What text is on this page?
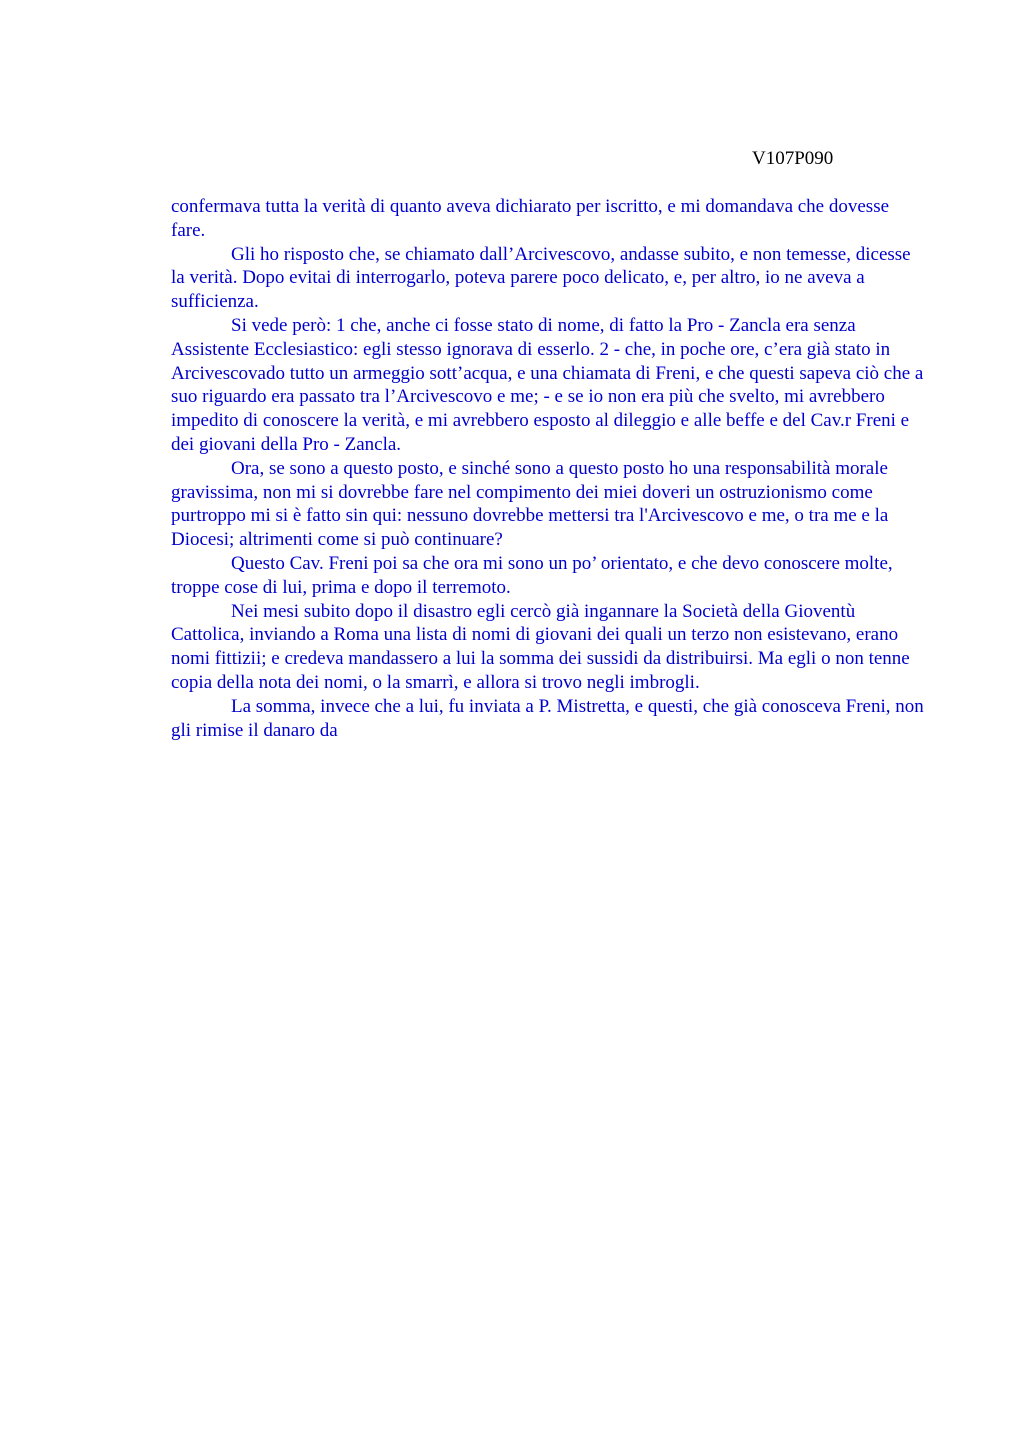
V107P090

confermava tutta la verità di quanto aveva dichiarato per iscritto, e mi domandava che dovesse fare.

Gli ho risposto che, se chiamato dall’Arcivescovo, andasse subito, e non temesse, dicesse la verità. Dopo evitai di interrogarlo, poteva parere poco delicato, e, per altro, io ne aveva a sufficienza.

Si vede però: 1 che, anche ci fosse stato di nome, di fatto la Pro - Zancla era senza Assistente Ecclesiastico: egli stesso ignorava di esserlo. 2 - che, in poche ore, c’era già stato in Arcivescovado tutto un armeggio sott’acqua, e una chiamata di Freni, e che questi sapeva ciò che a suo riguardo era passato tra l’Arcivescovo e me; - e se io non era più che svelto, mi avrebbero impedito di conoscere la verità, e mi avrebbero esposto al dileggio e alle beffe e del Cav.r Freni e dei giovani della Pro - Zancla.

Ora, se sono a questo posto, e sinché sono a questo posto ho una responsabilità morale gravissima, non mi si dovrebbe fare nel compimento dei miei doveri un ostruzionismo come purtroppo mi si è fatto sin qui: nessuno dovrebbe mettersi tra l'Arcivescovo e me, o tra me e la Diocesi; altrimenti come si può continuare?

Questo Cav. Freni poi sa che ora mi sono un po’ orientato, e che devo conoscere molte, troppe cose di lui, prima e dopo il terremoto.

Nei mesi subito dopo il disastro egli cercò già ingannare la Società della Gioventù Cattolica, inviando a Roma una lista di nomi di giovani dei quali un terzo non esistevano, erano nomi fittizii; e credeva mandassero a lui la somma dei sussidi da distribuirsi. Ma egli o non tenne copia della nota dei nomi, o la smarrì, e allora si trovo negli imbrogli.

La somma, invece che a lui, fu inviata a P. Mistretta, e questi, che già conosceva Freni, non gli rimise il danaro da
